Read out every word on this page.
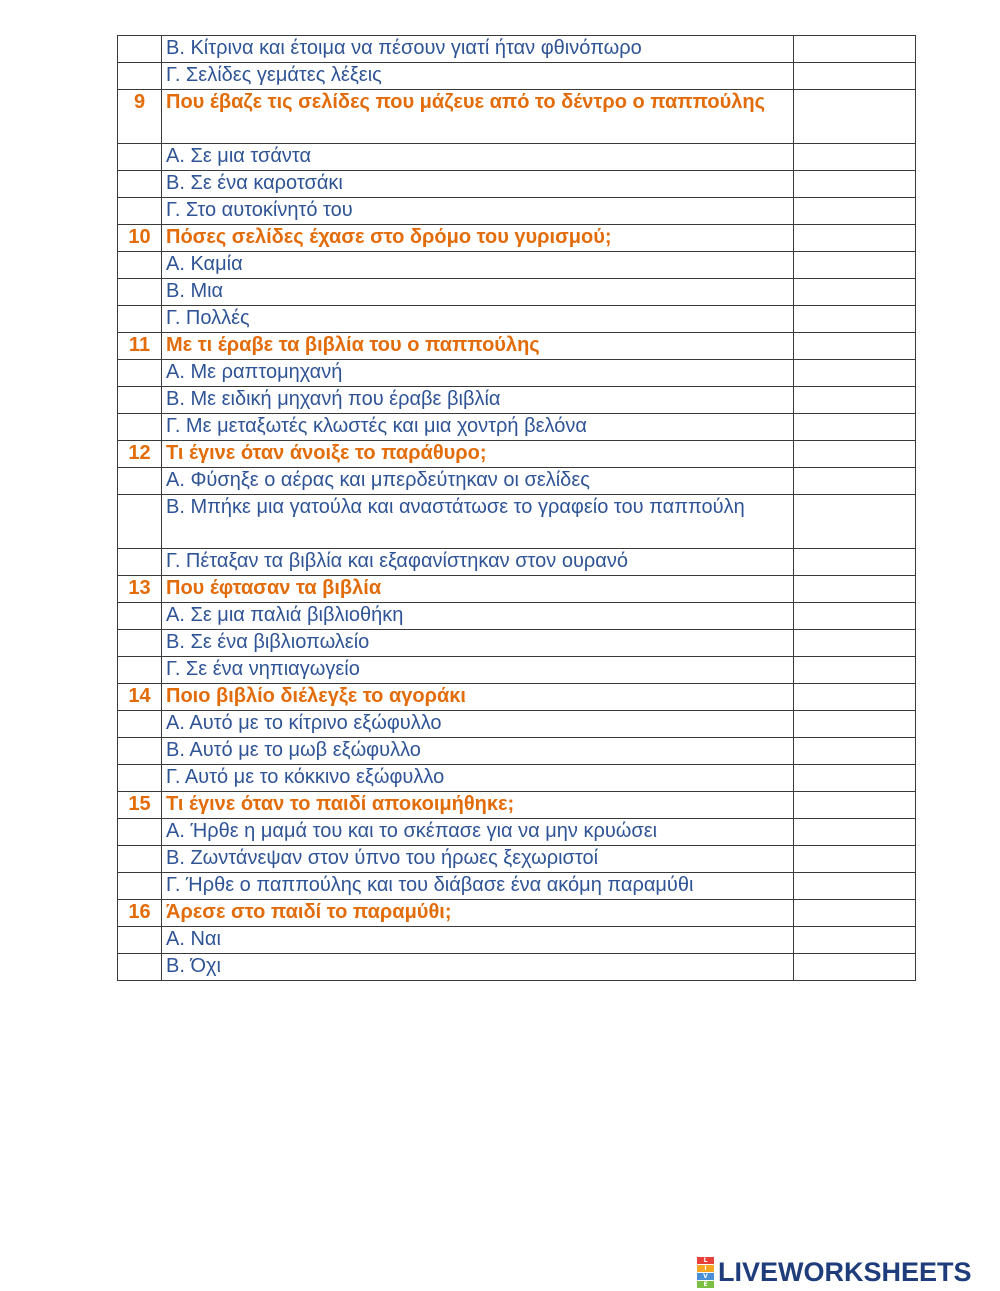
	Β. Κίτρινα και έτοιμα να πέσουν γιατί ήταν φθινόπωρο	

	Γ. Σελίδες γεμάτες λέξεις	

9	Που έβαζε τις σελίδες που μάζευε από το δέντρο ο παππούλης	

	Α. Σε μια τσάντα	

	Β. Σε ένα καροτσάκι	

	Γ. Στο αυτοκίνητό του	

10	Πόσες σελίδες έχασε στο δρόμο του γυρισμού;	

	Α. Καμία	

	Β. Μια	

	Γ. Πολλές	

11	Με τι έραβε τα βιβλία του ο παππούλης	

	Α. Με ραπτομηχανή	

	Β. Με ειδική μηχανή που έραβε βιβλία	

	Γ. Με μεταξωτές κλωστές και μια χοντρή βελόνα	

12	Τι έγινε όταν άνοιξε το παράθυρο;	

	Α. Φύσηξε ο αέρας και μπερδεύτηκαν οι σελίδες	

	Β. Μπήκε μια γατούλα και αναστάτωσε το γραφείο του παππούλη	

	Γ. Πέταξαν τα βιβλία και εξαφανίστηκαν στον ουρανό	

13	Που έφτασαν τα βιβλία	

	Α. Σε μια παλιά βιβλιοθήκη	

	Β. Σε ένα βιβλιοπωλείο	

	Γ. Σε ένα νηπιαγωγείο	

14	Ποιο βιβλίο διέλεγξε το αγοράκι	

	Α. Αυτό με το κίτρινο εξώφυλλο	

	Β. Αυτό με το μωβ εξώφυλλο	

	Γ. Αυτό με το κόκκινο εξώφυλλο	

15	Τι έγινε όταν το παιδί αποκοιμήθηκε;	

	Α. Ήρθε η μαμά του και το σκέπασε για να μην κρυώσει	

	Β. Ζωντάνεψαν στον ύπνο του ήρωες ξεχωριστοί	

	Γ. Ήρθε ο παππούλης και του διάβασε ένα ακόμη παραμύθι	

16	Άρεσε στο παιδί το παραμύθι;	

	Α. Ναι	

	Β. Όχι	

L
I
V
E LIVEWORKSHEETS
